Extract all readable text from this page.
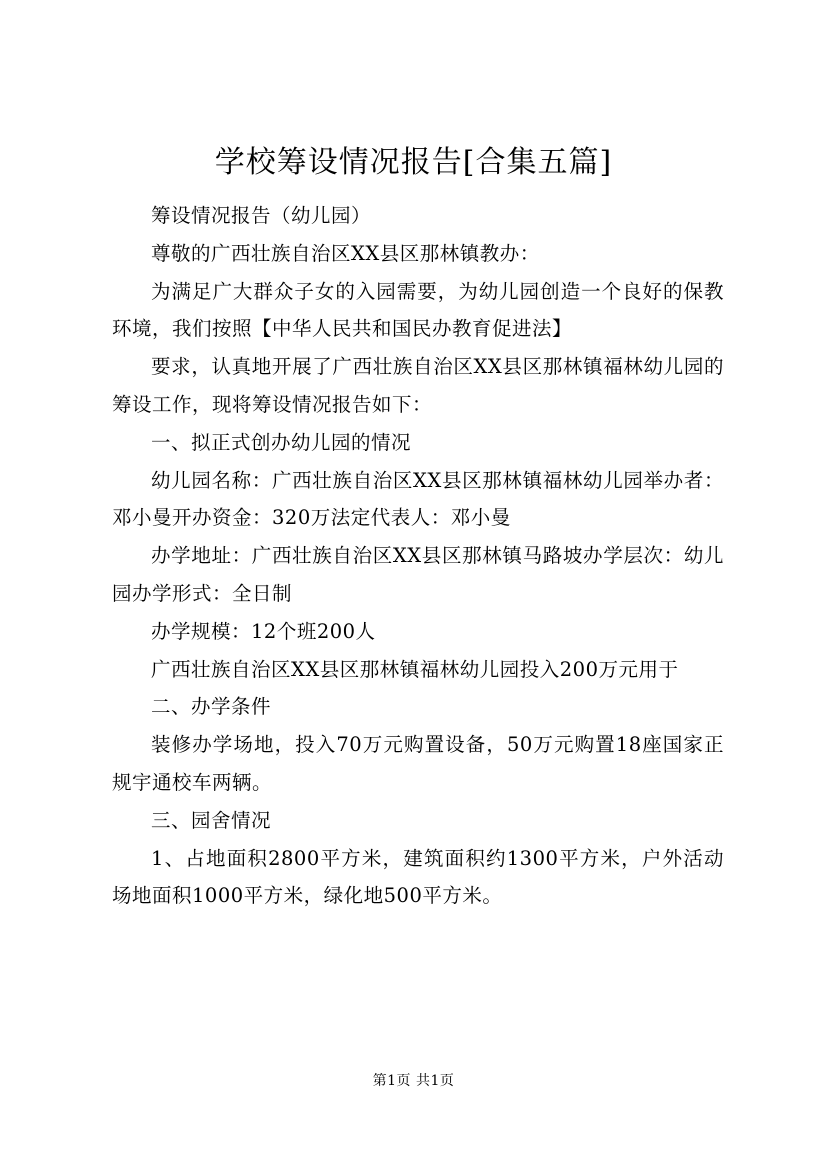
学校筹设情况报告[合集五篇]

筹设情况报告（幼儿园）

尊敬的广西壮族自治区XX县区那林镇教办：

为满足广大群众子女的入园需要，为幼儿园创造一个良好的保教环境，我们按照【中华人民共和国民办教育促进法】

要求，认真地开展了广西壮族自治区XX县区那林镇福林幼儿园的筹设工作，现将筹设情况报告如下：

一、拟正式创办幼儿园的情况

幼儿园名称：广西壮族自治区XX县区那林镇福林幼儿园举办者：邓小曼开办资金：320万法定代表人：邓小曼

办学地址：广西壮族自治区XX县区那林镇马路坡办学层次：幼儿园办学形式：全日制

办学规模：12个班200人

广西壮族自治区XX县区那林镇福林幼儿园投入200万元用于

二、办学条件

装修办学场地，投入70万元购置设备，50万元购置18座国家正规宇通校车两辆。

三、园舍情况

1、占地面积2800平方米，建筑面积约1300平方米，户外活动场地面积1000平方米，绿化地500平方米。

第1页 共1页
